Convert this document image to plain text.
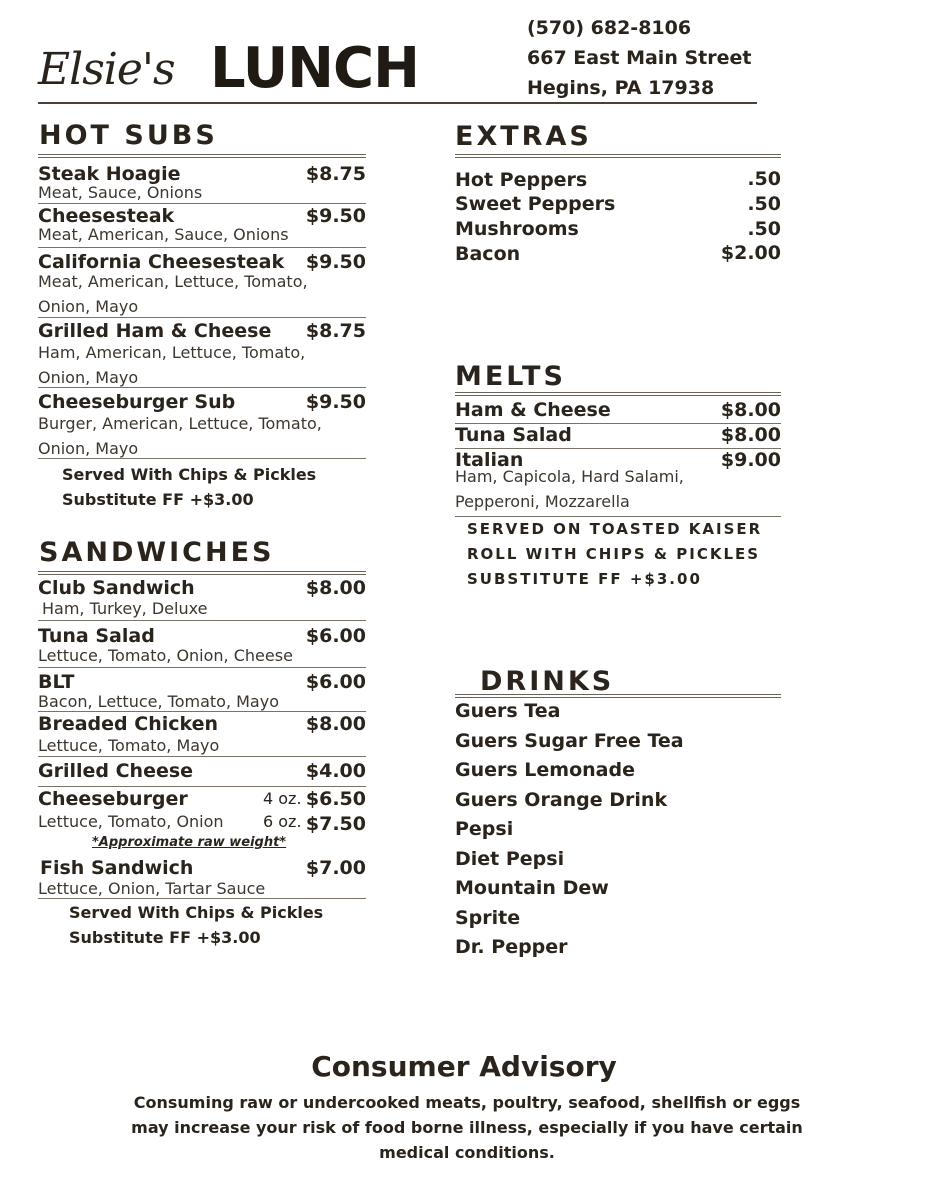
Elsie's LUNCH
(570) 682-8106
667 East Main Street
Hegins, PA 17938
HOT SUBS
Steak Hoagie	$8.75
Meat, Sauce, Onions
Cheesesteak	$9.50
Meat, American, Sauce, Onions
California Cheesesteak $9.50
Meat, American, Lettuce, Tomato,
Onion, Mayo
Grilled Ham & Cheese $8.75
Ham, American, Lettuce, Tomato,
Onion, Mayo
Cheeseburger Sub	$9.50
Burger, American, Lettuce, Tomato,
Onion, Mayo
Served With Chips & Pickles
Substitute FF +$3.00
SANDWICHES
Club Sandwich	$8.00
Ham, Turkey, Deluxe
Tuna Salad	$6.00
Lettuce, Tomato, Onion, Cheese
BLT	$6.00
Bacon, Lettuce, Tomato, Mayo
Breaded Chicken	$8.00
Lettuce, Tomato, Mayo
Grilled Cheese	$4.00
Cheeseburger
Lettuce, Tomato, Onion
4 oz. $6.50
6 oz. $7.50
*Approximate raw weight*
Fish Sandwich	$7.00
Lettuce, Onion, Tartar Sauce
Served With Chips & Pickles
Substitute FF +$3.00
EXTRAS
Hot Peppers	.50
Sweet Peppers	.50
Mushrooms	.50
Bacon	$2.00
MELTS
Ham & Cheese	$8.00
Tuna Salad	$8.00
Italian	$9.00
Ham, Capicola, Hard Salami,
Pepperoni, Mozzarella
SERVED ON TOASTED KAISER
ROLL WITH CHIPS & PICKLES
SUBSTITUTE FF +$3.00
DRINKS
Guers Tea
Guers Sugar Free Tea
Guers Lemonade
Guers Orange Drink
Pepsi
Diet Pepsi
Mountain Dew
Sprite
Dr. Pepper
Consumer Advisory
Consuming raw or undercooked meats, poultry, seafood, shellfish or eggs
may increase your risk of food borne illness, especially if you have certain
medical conditions.
